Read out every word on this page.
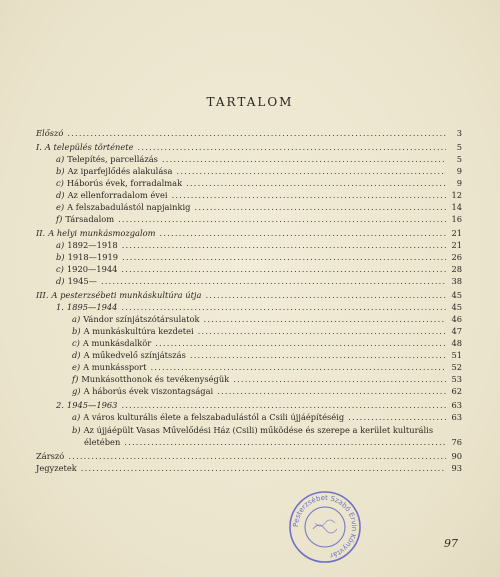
TARTALOM
Előszó .....	3
I. A település története .....	5
a) Telepítés, parcellázás .....	5
b) Az iparfejlődés alakulása .....	9
c) Háborús évek, forradalmak .....	9
d) Az ellenforradalom évei .....	12
e) A felszabadulástól napjainkig .....	14
f) Társadalom .....	16
II. A helyi munkásmozgalom .....	21
a) 1892—1918 .....	21
b) 1918—1919 .....	26
c) 1920—1944 .....	28
d) 1945— .....	38
III. A pesterzsébeti munkáskultúra útja .....	45
1. 1895—1944 .....	45
a) Vándor színjátszótársulatok .....	46
b) A munkáskultúra kezdetei .....	47
c) A munkásdalkör .....	48
d) A műkedvelő színjátszás .....	51
e) A munkássport .....	52
f) Munkásotthonok és tevékenységük .....	53
g) A háborús évek viszontagságai .....	62
2. 1945—1963 .....	63
a) A város kulturális élete a felszabadulástól a Csili újjáépítéséig .....	63
b) Az újjáépült Vasas Művelődési Ház (Csili) működése és szerepe a kerület kulturális
életében .....	76
Zárszó .....	90
Jegyzetek .....	93
Pesterzsébet Szabó Ervin Könyvtár
97
